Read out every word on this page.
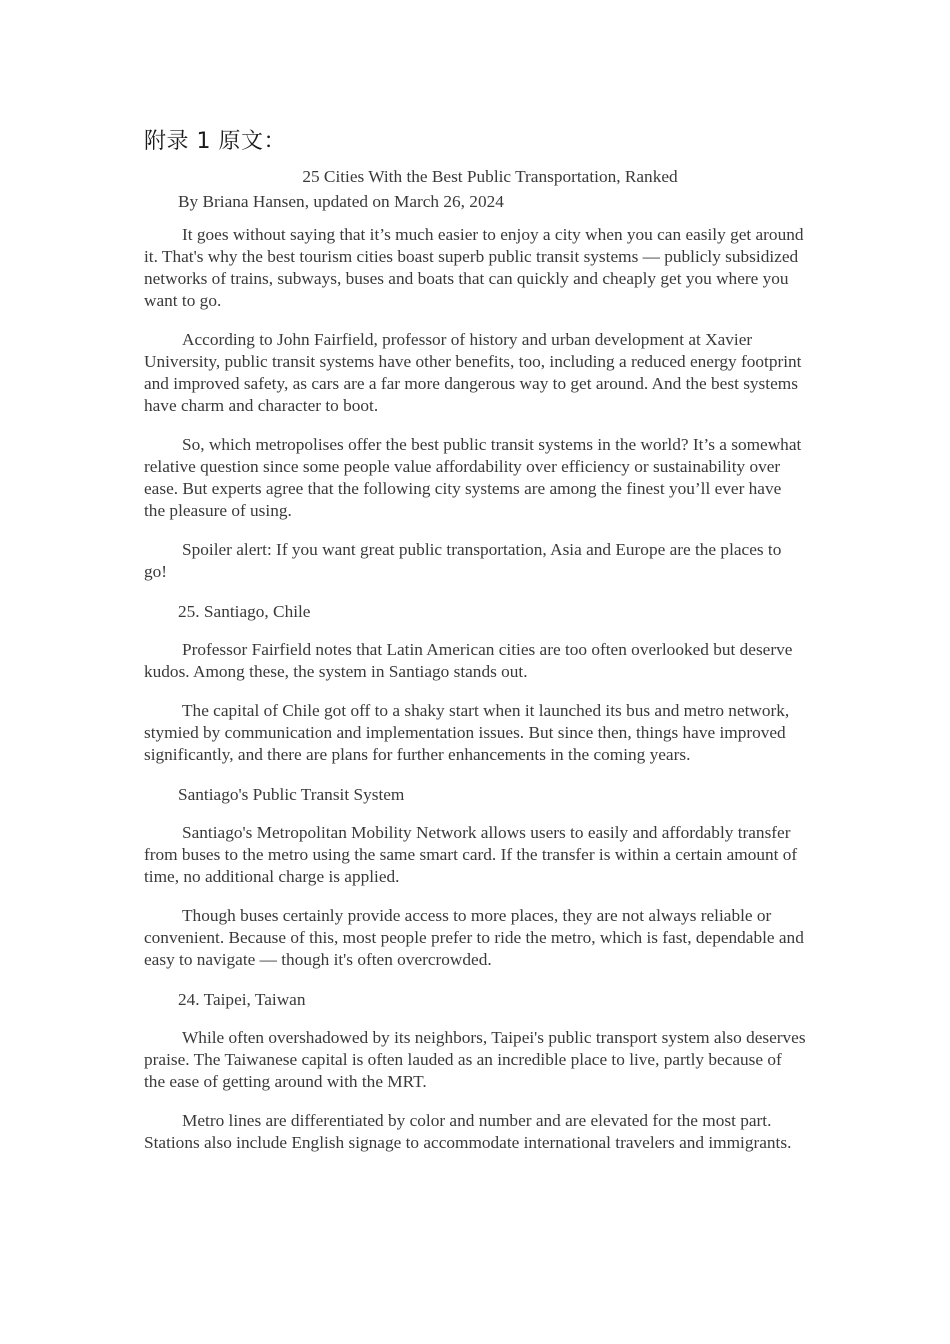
附录 1 原文：
25 Cities With the Best Public Transportation, Ranked
By Briana Hansen, updated on March 26, 2024
It goes without saying that it’s much easier to enjoy a city when you can easily get around it. That's why the best tourism cities boast superb public transit systems — publicly subsidized networks of trains, subways, buses and boats that can quickly and cheaply get you where you want to go.
According to John Fairfield, professor of history and urban development at Xavier University, public transit systems have other benefits, too, including a reduced energy footprint and improved safety, as cars are a far more dangerous way to get around. And the best systems have charm and character to boot.
So, which metropolises offer the best public transit systems in the world? It’s a somewhat relative question since some people value affordability over efficiency or sustainability over ease. But experts agree that the following city systems are among the finest you’ll ever have the pleasure of using.
Spoiler alert: If you want great public transportation, Asia and Europe are the places to go!
25. Santiago, Chile
Professor Fairfield notes that Latin American cities are too often overlooked but deserve kudos. Among these, the system in Santiago stands out.
The capital of Chile got off to a shaky start when it launched its bus and metro network, stymied by communication and implementation issues. But since then, things have improved significantly, and there are plans for further enhancements in the coming years.
Santiago's Public Transit System
Santiago's Metropolitan Mobility Network allows users to easily and affordably transfer from buses to the metro using the same smart card. If the transfer is within a certain amount of time, no additional charge is applied.
Though buses certainly provide access to more places, they are not always reliable or convenient. Because of this, most people prefer to ride the metro, which is fast, dependable and easy to navigate — though it's often overcrowded.
24. Taipei, Taiwan
While often overshadowed by its neighbors, Taipei's public transport system also deserves praise. The Taiwanese capital is often lauded as an incredible place to live, partly because of the ease of getting around with the MRT.
Metro lines are differentiated by color and number and are elevated for the most part. Stations also include English signage to accommodate international travelers and immigrants.
